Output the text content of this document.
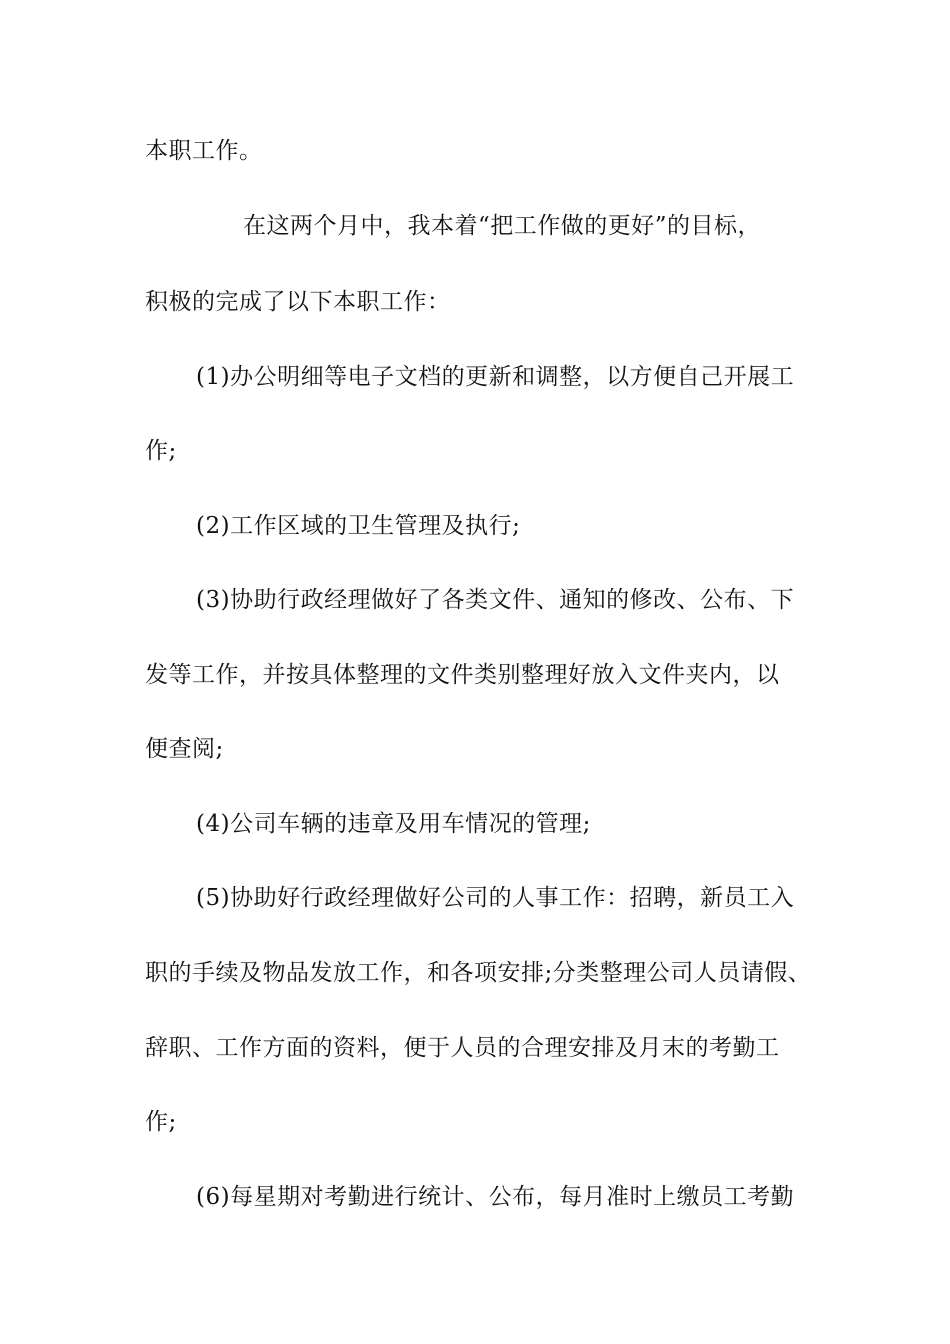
本职工作。
在这两个月中，我本着“把工作做的更好”的目标，
积极的完成了以下本职工作：
(1)办公明细等电子文档的更新和调整，以方便自己开展工
作;
(2)工作区域的卫生管理及执行;
(3)协助行政经理做好了各类文件、通知的修改、公布、下
发等工作，并按具体整理的文件类别整理好放入文件夹内，以
便查阅;
(4)公司车辆的违章及用车情况的管理;
(5)协助好行政经理做好公司的人事工作：招聘，新员工入
职的手续及物品发放工作，和各项安排;分类整理公司人员请假、
辞职、工作方面的资料，便于人员的合理安排及月末的考勤工
作;
(6)每星期对考勤进行统计、公布，每月准时上缴员工考勤
